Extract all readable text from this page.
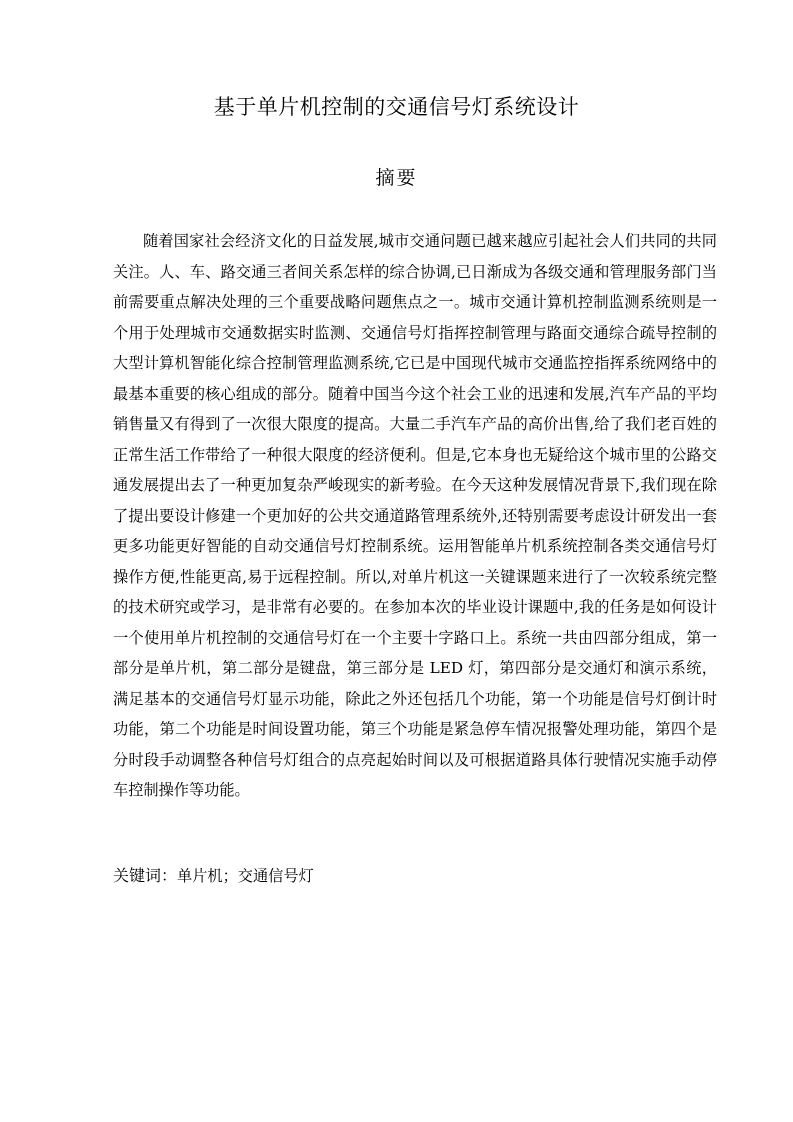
基于单片机控制的交通信号灯系统设计
摘要

随着国家社会经济文化的日益发展,城市交通问题已越来越应引起社会人们共同的共同关注。人、车、路交通三者间关系怎样的综合协调,已日渐成为各级交通和管理服务部门当前需要重点解决处理的三个重要战略问题焦点之一。城市交通计算机控制监测系统则是一个用于处理城市交通数据实时监测、交通信号灯指挥控制管理与路面交通综合疏导控制的大型计算机智能化综合控制管理监测系统,它已是中国现代城市交通监控指挥系统网络中的最基本重要的核心组成的部分。随着中国当今这个社会工业的迅速和发展,汽车产品的平均销售量又有得到了一次很大限度的提高。大量二手汽车产品的高价出售,给了我们老百姓的正常生活工作带给了一种很大限度的经济便利。但是,它本身也无疑给这个城市里的公路交通发展提出去了一种更加复杂严峻现实的新考验。在今天这种发展情况背景下,我们现在除了提出要设计修建一个更加好的公共交通道路管理系统外,还特别需要考虑设计研发出一套更多功能更好智能的自动交通信号灯控制系统。运用智能单片机系统控制各类交通信号灯操作方便,性能更高,易于远程控制。所以,对单片机这一关键课题来进行了一次较系统完整的技术研究或学习，是非常有必要的。在参加本次的毕业设计课题中,我的任务是如何设计一个使用单片机控制的交通信号灯在一个主要十字路口上。系统一共由四部分组成，第一部分是单片机，第二部分是键盘，第三部分是 LED 灯，第四部分是交通灯和演示系统，满足基本的交通信号灯显示功能，除此之外还包括几个功能，第一个功能是信号灯倒计时功能，第二个功能是时间设置功能，第三个功能是紧急停车情况报警处理功能，第四个是分时段手动调整各种信号灯组合的点亮起始时间以及可根据道路具体行驶情况实施手动停车控制操作等功能。

关键词：单片机；交通信号灯
